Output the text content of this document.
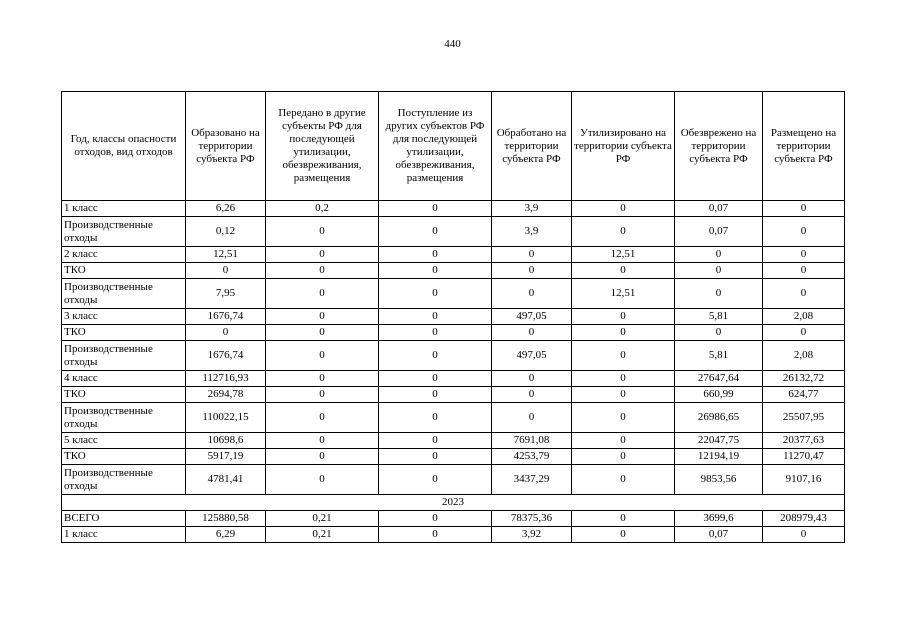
440
Год, классы опасности отходов, вид отходов	Образовано на территории субъекта РФ	Передано в другие субъекты РФ для последующей утилизации, обезвреживания, размещения	Поступление из других субъектов РФ для последующей утилизации, обезвреживания, размещения	Обработано на территории субъекта РФ	Утилизировано на территории субъекта РФ	Обезврежено на территории субъекта РФ	Размещено на территории субъекта РФ
1 класс	6,26	0,2	0	3,9	0	0,07	0
Производственные отходы	0,12	0	0	3,9	0	0,07	0
2 класс	12,51	0	0	0	12,51	0	0
ТКО	0	0	0	0	0	0	0
Производственные отходы	7,95	0	0	0	12,51	0	0
3 класс	1676,74	0	0	497,05	0	5,81	2,08
ТКО	0	0	0	0	0	0	0
Производственные отходы	1676,74	0	0	497,05	0	5,81	2,08
4 класс	112716,93	0	0	0	0	27647,64	26132,72
ТКО	2694,78	0	0	0	0	660,99	624,77
Производственные отходы	110022,15	0	0	0	0	26986,65	25507,95
5 класс	10698,6	0	0	7691,08	0	22047,75	20377,63
ТКО	5917,19	0	0	4253,79	0	12194,19	11270,47
Производственные отходы	4781,41	0	0	3437,29	0	9853,56	9107,16
2023							
ВСЕГО	125880,58	0,21	0	78375,36	0	3699,6	208979,43
1 класс	6,29	0,21	0	3,92	0	0,07	0
